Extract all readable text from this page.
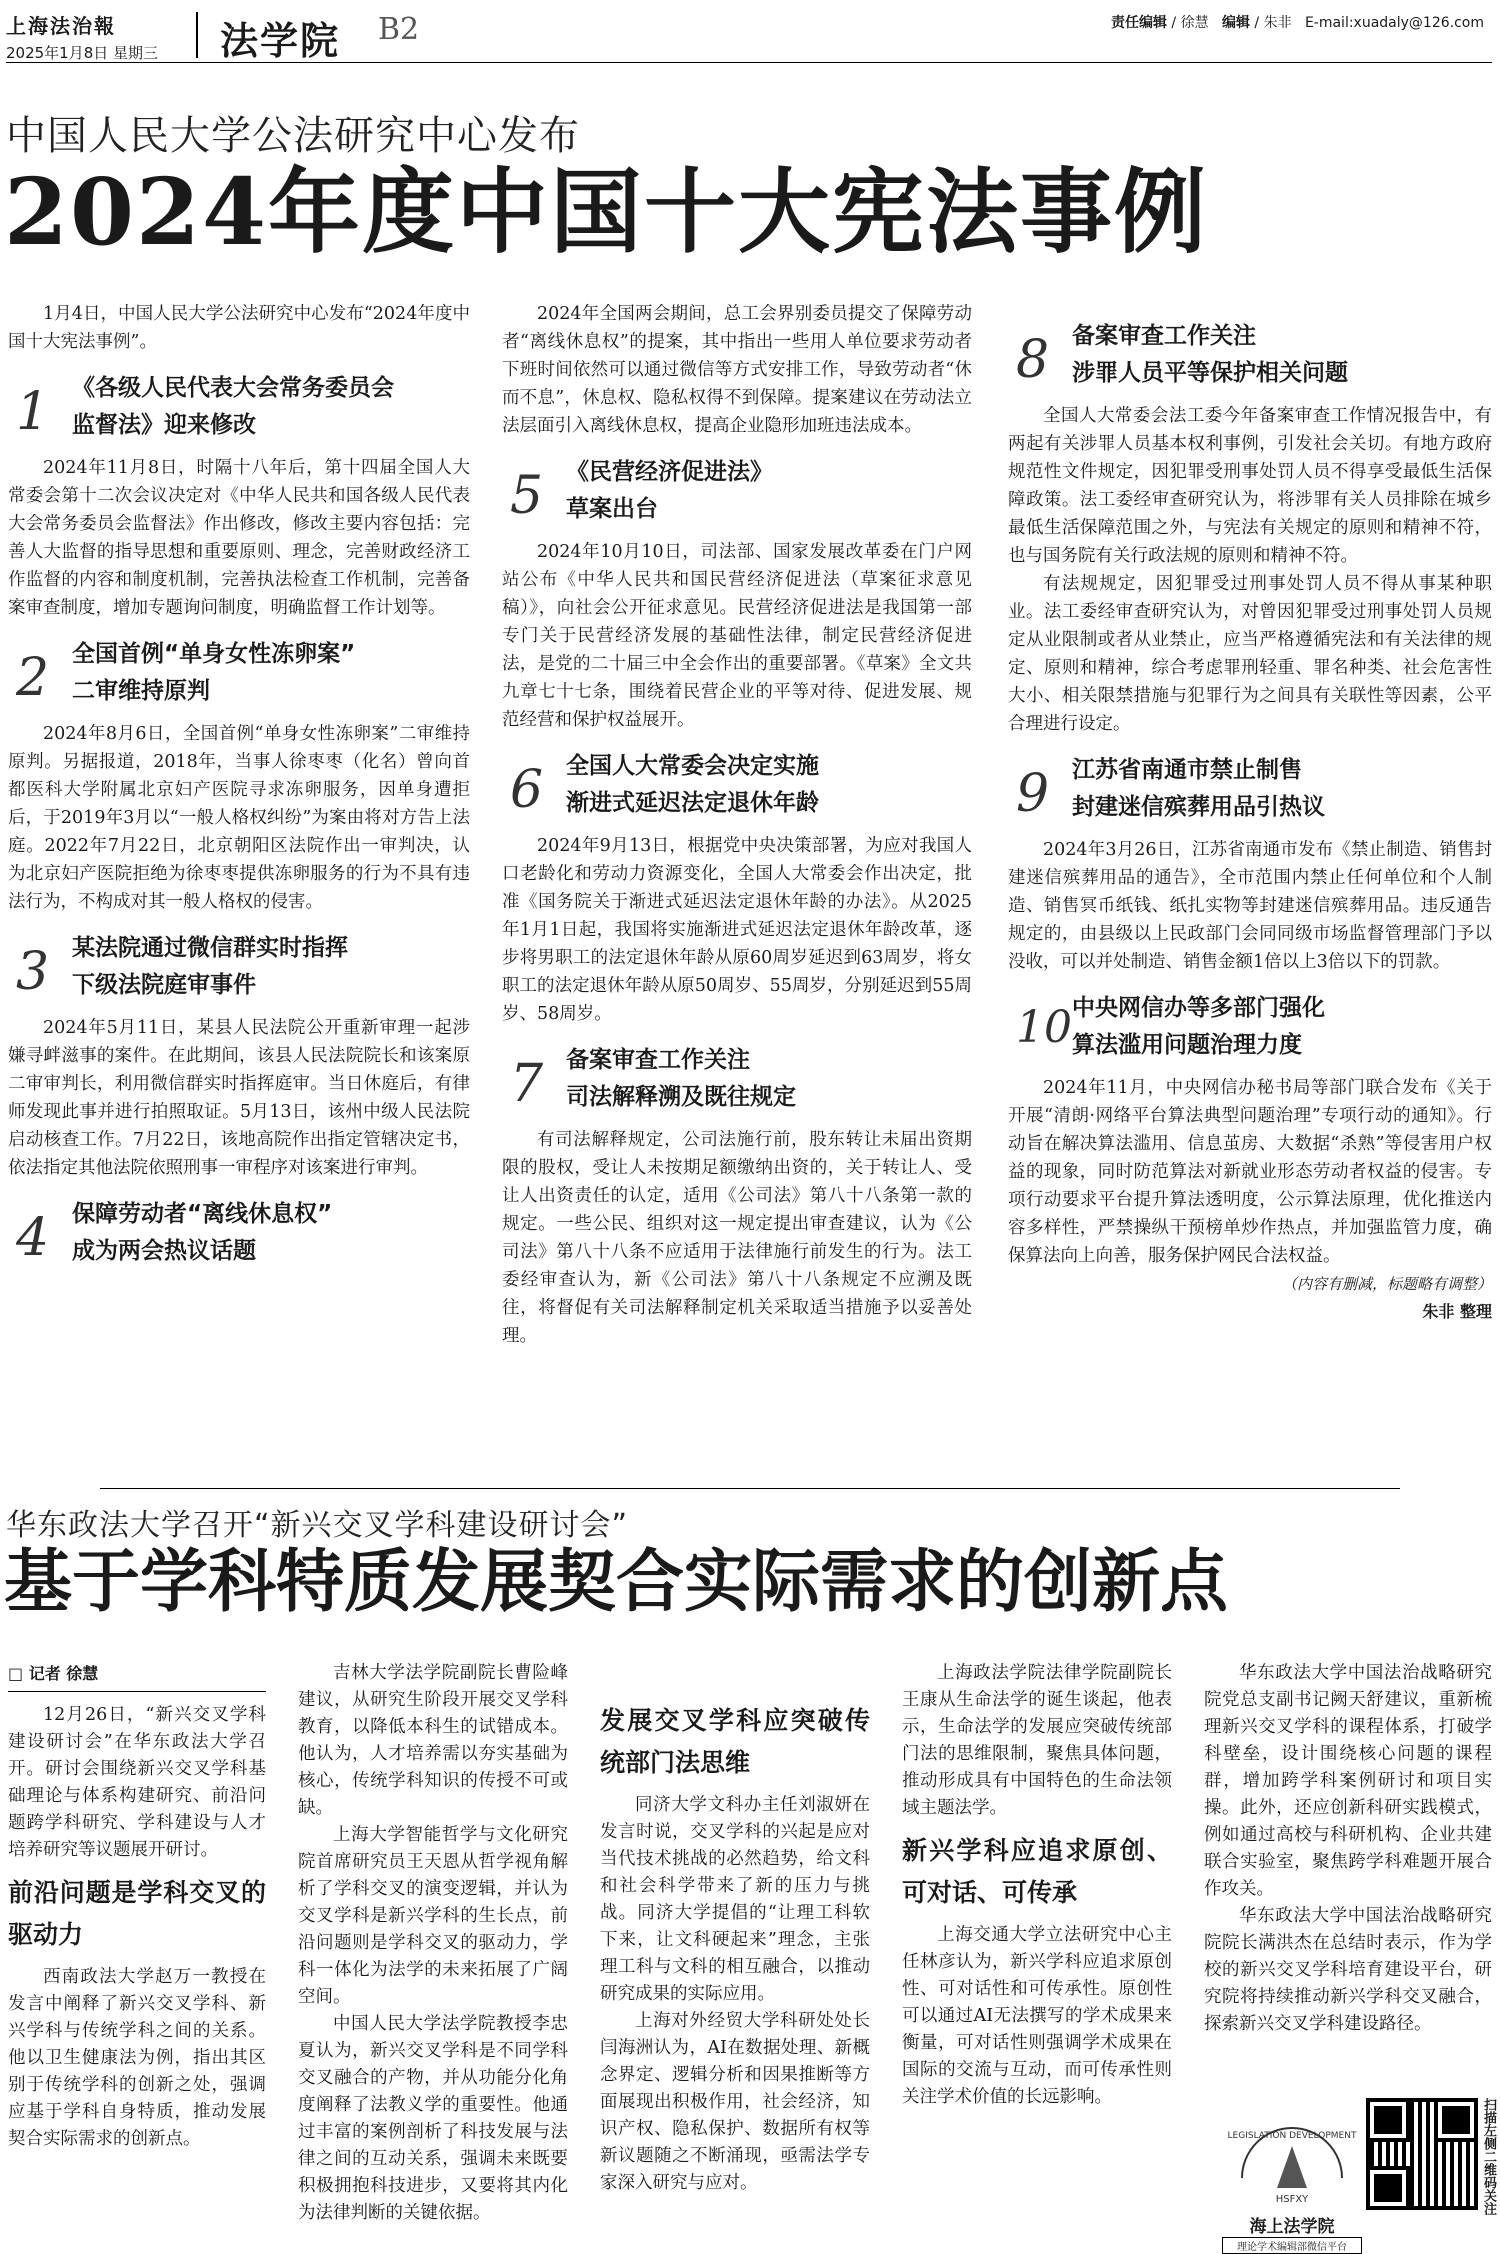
上海法治報
2025年1月8日 星期三 法学院 B2	责任编辑 / 徐慧 编辑 / 朱非 E-mail:xuadaly@126.com
中国人民大学公法研究中心发布
2024年度中国十大宪法事例

1月4日，中国人民大学公法研究中心发布“2024年度中国十大宪法事例”。

1 《各级人民代表大会常务委员会
监督法》迎来修改

2024年11月8日，时隔十八年后，第十四届全国人大常委会第十二次会议决定对《中华人民共和国各级人民代表大会常务委员会监督法》作出修改，修改主要内容包括：完善人大监督的指导思想和重要原则、理念，完善财政经济工作监督的内容和制度机制，完善执法检查工作机制，完善备案审查制度，增加专题询问制度，明确监督工作计划等。

2 全国首例“单身女性冻卵案”
二审维持原判

2024年8月6日，全国首例“单身女性冻卵案”二审维持原判。另据报道，2018年，当事人徐枣枣（化名）曾向首都医科大学附属北京妇产医院寻求冻卵服务，因单身遭拒后，于2019年3月以“一般人格权纠纷”为案由将对方告上法庭。2022年7月22日，北京朝阳区法院作出一审判决，认为北京妇产医院拒绝为徐枣枣提供冻卵服务的行为不具有违法行为，不构成对其一般人格权的侵害。

3 某法院通过微信群实时指挥
下级法院庭审事件

2024年5月11日，某县人民法院公开重新审理一起涉嫌寻衅滋事的案件。在此期间，该县人民法院院长和该案原二审审判长，利用微信群实时指挥庭审。当日休庭后，有律师发现此事并进行拍照取证。5月13日，该州中级人民法院启动核查工作。7月22日，该地高院作出指定管辖决定书，依法指定其他法院依照刑事一审程序对该案进行审判。

4 保障劳动者“离线休息权”
成为两会热议话题

2024年全国两会期间，总工会界别委员提交了保障劳动者“离线休息权”的提案，其中指出一些用人单位要求劳动者下班时间依然可以通过微信等方式安排工作，导致劳动者“休而不息”，休息权、隐私权得不到保障。提案建议在劳动法立法层面引入离线休息权，提高企业隐形加班违法成本。

5 《民营经济促进法》
草案出台

2024年10月10日，司法部、国家发展改革委在门户网站公布《中华人民共和国民营经济促进法（草案征求意见稿）》，向社会公开征求意见。民营经济促进法是我国第一部专门关于民营经济发展的基础性法律，制定民营经济促进法，是党的二十届三中全会作出的重要部署。《草案》全文共九章七十七条，围绕着民营企业的平等对待、促进发展、规范经营和保护权益展开。

6 全国人大常委会决定实施
渐进式延迟法定退休年龄

2024年9月13日，根据党中央决策部署，为应对我国人口老龄化和劳动力资源变化，全国人大常委会作出决定，批准《国务院关于渐进式延迟法定退休年龄的办法》。从2025年1月1日起，我国将实施渐进式延迟法定退休年龄改革，逐步将男职工的法定退休年龄从原60周岁延迟到63周岁，将女职工的法定退休年龄从原50周岁、55周岁，分别延迟到55周岁、58周岁。

7 备案审查工作关注
司法解释溯及既往规定

有司法解释规定，公司法施行前，股东转让未届出资期限的股权，受让人未按期足额缴纳出资的，关于转让人、受让人出资责任的认定，适用《公司法》第八十八条第一款的规定。一些公民、组织对这一规定提出审查建议，认为《公司法》第八十八条不应适用于法律施行前发生的行为。法工委经审查认为，新《公司法》第八十八条规定不应溯及既往，将督促有关司法解释制定机关采取适当措施予以妥善处理。

8 备案审查工作关注
涉罪人员平等保护相关问题

全国人大常委会法工委今年备案审查工作情况报告中，有两起有关涉罪人员基本权利事例，引发社会关切。有地方政府规范性文件规定，因犯罪受刑事处罚人员不得享受最低生活保障政策。法工委经审查研究认为，将涉罪有关人员排除在城乡最低生活保障范围之外，与宪法有关规定的原则和精神不符，也与国务院有关行政法规的原则和精神不符。

有法规规定，因犯罪受过刑事处罚人员不得从事某种职业。法工委经审查研究认为，对曾因犯罪受过刑事处罚人员规定从业限制或者从业禁止，应当严格遵循宪法和有关法律的规定、原则和精神，综合考虑罪刑轻重、罪名种类、社会危害性大小、相关限禁措施与犯罪行为之间具有关联性等因素，公平合理进行设定。

9 江苏省南通市禁止制售
封建迷信殡葬用品引热议

2024年3月26日，江苏省南通市发布《禁止制造、销售封建迷信殡葬用品的通告》，全市范围内禁止任何单位和个人制造、销售冥币纸钱、纸扎实物等封建迷信殡葬用品。违反通告规定的，由县级以上民政部门会同同级市场监督管理部门予以没收，可以并处制造、销售金额1倍以上3倍以下的罚款。

10 中央网信办等多部门强化
算法滥用问题治理力度

2024年11月，中央网信办秘书局等部门联合发布《关于开展“清朗·网络平台算法典型问题治理”专项行动的通知》。行动旨在解决算法滥用、信息茧房、大数据“杀熟”等侵害用户权益的现象，同时防范算法对新就业形态劳动者权益的侵害。专项行动要求平台提升算法透明度，公示算法原理，优化推送内容多样性，严禁操纵干预榜单炒作热点，并加强监管力度，确保算法向上向善，服务保护网民合法权益。

（内容有删减，标题略有调整）
朱非 整理
华东政法大学召开“新兴交叉学科建设研讨会”
基于学科特质发展契合实际需求的创新点
□ 记者 徐慧

12月26日，“新兴交叉学科建设研讨会”在华东政法大学召开。研讨会围绕新兴交叉学科基础理论与体系构建研究、前沿问题跨学科研究、学科建设与人才培养研究等议题展开研讨。

前沿问题是学科交叉的驱动力

西南政法大学赵万一教授在发言中阐释了新兴交叉学科、新兴学科与传统学科之间的关系。他以卫生健康法为例，指出其区别于传统学科的创新之处，强调应基于学科自身特质，推动发展契合实际需求的创新点。

吉林大学法学院副院长曹险峰建议，从研究生阶段开展交叉学科教育，以降低本科生的试错成本。他认为，人才培养需以夯实基础为核心，传统学科知识的传授不可或缺。

上海大学智能哲学与文化研究院首席研究员王天恩从哲学视角解析了学科交叉的演变逻辑，并认为交叉学科是新兴学科的生长点，前沿问题则是学科交叉的驱动力，学科一体化为法学的未来拓展了广阔空间。

中国人民大学法学院教授李忠夏认为，新兴交叉学科是不同学科交叉融合的产物，并从功能分化角度阐释了法教义学的重要性。他通过丰富的案例剖析了科技发展与法律之间的互动关系，强调未来既要积极拥抱科技进步，又要将其内化为法律判断的关键依据。

发展交叉学科应突破传统部门法思维

同济大学文科办主任刘淑妍在发言时说，交叉学科的兴起是应对当代技术挑战的必然趋势，给文科和社会科学带来了新的压力与挑战。同济大学提倡的“让理工科软下来，让文科硬起来”理念，主张理工科与文科的相互融合，以推动研究成果的实际应用。

上海对外经贸大学科研处处长闫海洲认为，AI在数据处理、新概念界定、逻辑分析和因果推断等方面展现出积极作用，社会经济，知识产权、隐私保护、数据所有权等新议题随之不断涌现，亟需法学专家深入研究与应对。

上海政法学院法律学院副院长王康从生命法学的诞生谈起，他表示，生命法学的发展应突破传统部门法的思维限制，聚焦具体问题，推动形成具有中国特色的生命法领域主题法学。

新兴学科应追求原创、可对话、可传承

上海交通大学立法研究中心主任林彦认为，新兴学科应追求原创性、可对话性和可传承性。原创性可以通过AI无法撰写的学术成果来衡量，可对话性则强调学术成果在国际的交流与互动，而可传承性则关注学术价值的长远影响。

华东政法大学中国法治战略研究院党总支副书记阙天舒建议，重新梳理新兴交叉学科的课程体系，打破学科壁垒，设计围绕核心问题的课程群，增加跨学科案例研讨和项目实操。此外，还应创新科研实践模式，例如通过高校与科研机构、企业共建联合实验室，聚焦跨学科难题开展合作攻关。

华东政法大学中国法治战略研究院院长满洪杰在总结时表示，作为学校的新兴交叉学科培育建设平台，研究院将持续推动新兴学科交叉融合，探索新兴交叉学科建设路径。

LEGISLATION DEVELOPMENT
HSFXY
海上法学院
理论学术编辑部微信平台
扫描左侧二维码关注
